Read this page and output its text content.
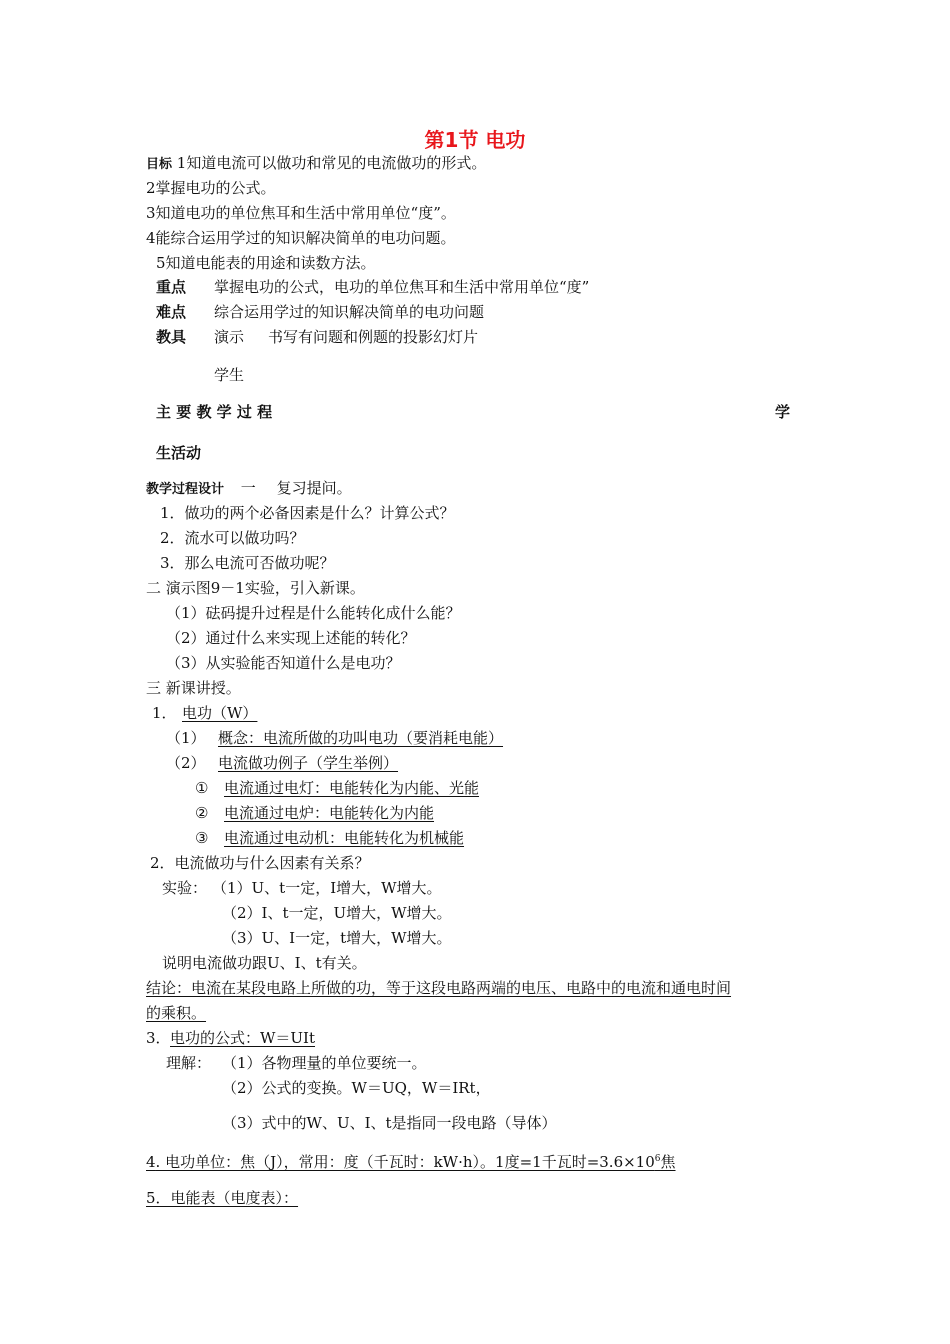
第1节 电功
目标 1知道电流可以做功和常见的电流做功的形式。
2掌握电功的公式。
3知道电功的单位焦耳和生活中常用单位“度”。
4能综合运用学过的知识解决简单的电功问题。
5知道电能表的用途和读数方法。
重点 掌握电功的公式，电功的单位焦耳和生活中常用单位“度”
难点 综合运用学过的知识解决简单的电功问题
教具 演示 书写有问题和例题的投影幻灯片
学生
主 要 教 学 过 程	学
生活动
教学过程设计 一 复习提问。
1．做功的两个必备因素是什么？计算公式？
2．流水可以做功吗？
3．那么电流可否做功呢？
二 演示图9－1实验，引入新课。
（1）砝码提升过程是什么能转化成什么能？
（2）通过什么来实现上述能的转化？
（3）从实验能否知道什么是电功？
三 新课讲授。
1． 电功（W）
（1） 概念：电流所做的功叫电功（要消耗电能）
（2） 电流做功例子（学生举例）
① 电流通过电灯：电能转化为内能、光能
② 电流通过电炉：电能转化为内能
③ 电流通过电动机：电能转化为机械能
2．电流做功与什么因素有关系？
实验： （1）U、t一定，I增大，W增大。
（2）I、t一定，U增大，W增大。
（3）U、I一定，t增大，W增大。
说明电流做功跟U、I、t有关。
结论：电流在某段电路上所做的功，等于这段电路两端的电压、电路中的电流和通电时间
的乘积。
3． 电功的公式：W＝UIt
理解： （1）各物理量的单位要统一。
（2）公式的变换。W＝UQ，W＝IRt，
（3）式中的W、U、I、t是指同一段电路（导体）
4. 电功单位：焦（J），常用：度（千瓦时：kW·h）。1度=1千瓦时$=3.6\times 10^6$焦
5．电能表（电度表）：
